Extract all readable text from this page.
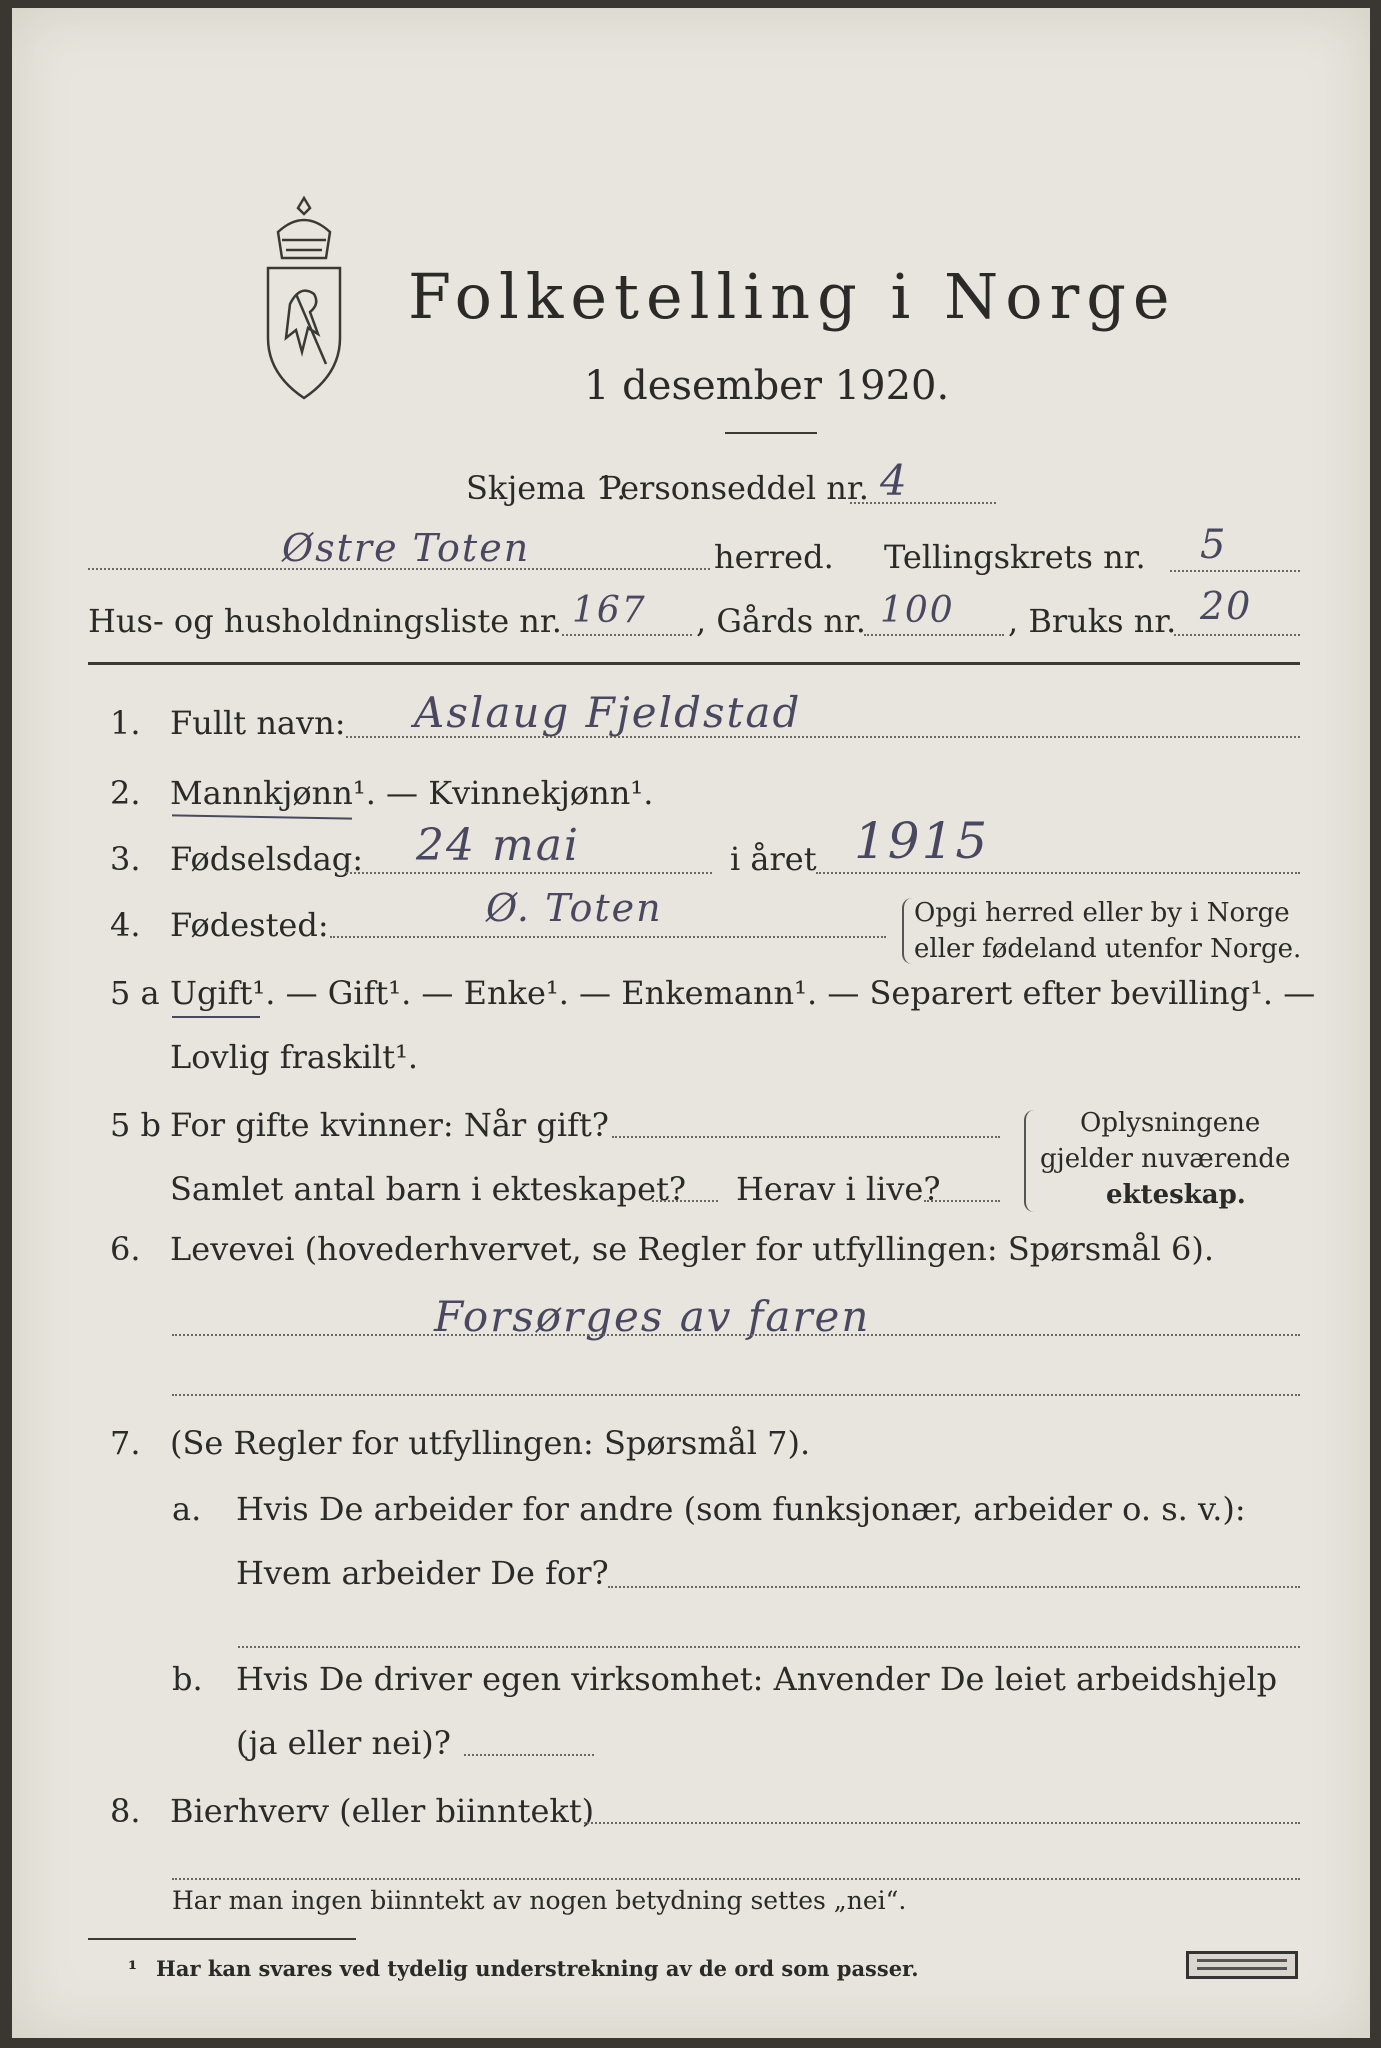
Folketelling i Norge
1 desember 1920.
Skjema 1.
Personseddel nr. 4
Østre Toten	herred. Tellingskrets nr. 5
Hus- og husholdningsliste nr. 167 , Gårds nr. 100 , Bruks nr. 20
1. Fullt navn: Aslaug Fjeldstad
2. Mannkjønn¹. — Kvinnekjønn¹.
3. Fødselsdag: 24 mai	i året 1915
4. Fødested:	Ø. Toten	Opgi herred eller by i Norge
eller fødeland utenfor Norge.
5 a Ugift¹. — Gift¹. — Enke¹. — Enkemann¹. — Separert efter bevilling¹. —
Lovlig fraskilt¹.
5 b For gifte kvinner: Når gift?
Samlet antal barn i ekteskapet? Herav i live?
Oplysningene
gjelder nuværende
ekteskap.
6. Levevei (hovederhvervet, se Regler for utfyllingen: Spørsmål 6).
Forsørges av faren
7. (Se Regler for utfyllingen: Spørsmål 7).
a. Hvis De arbeider for andre (som funksjonær, arbeider o. s. v.):
Hvem arbeider De for?
b. Hvis De driver egen virksomhet: Anvender De leiet arbeidshjelp
(ja eller nei)?
8. Bierhverv (eller biinntekt)
Har man ingen biinntekt av nogen betydning settes „nei“.
¹ Har kan svares ved tydelig understrekning av de ord som passer.
